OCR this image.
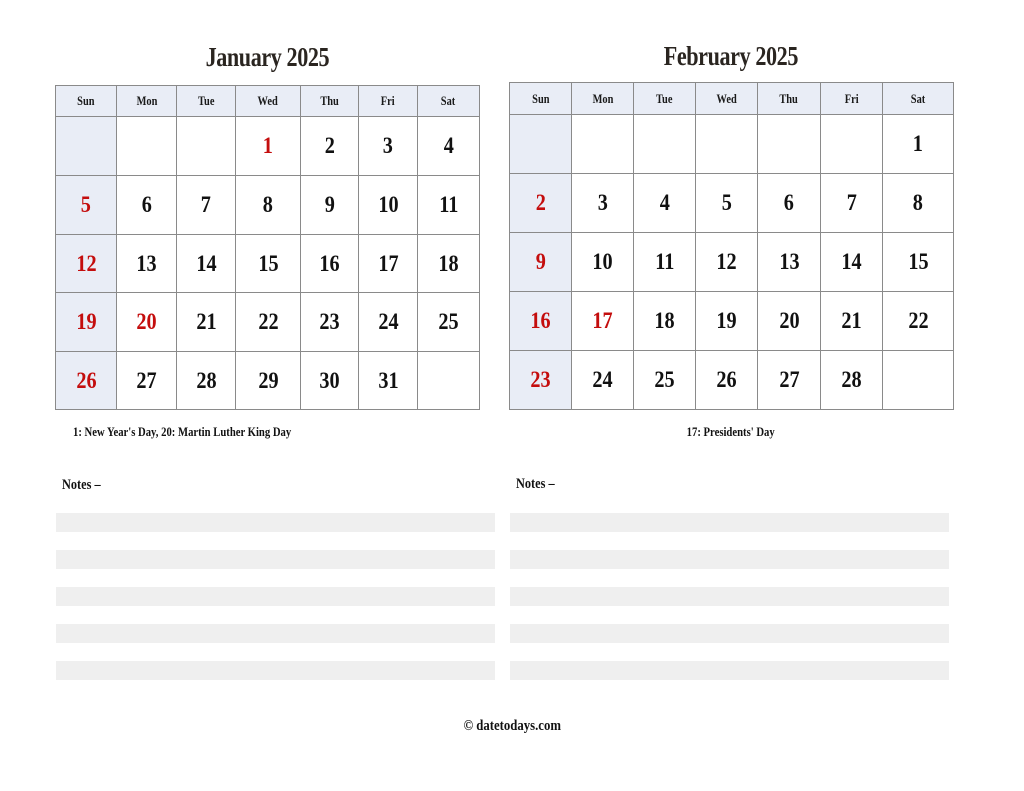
January 2025
Sun	Mon	Tue	Wed	Thu	Fri	Sat
			1	2	3	4
5	6	7	8	9	10	11
12	13	14	15	16	17	18
19	20	21	22	23	24	25
26	27	28	29	30	31	
1: New Year's Day, 20: Martin Luther King Day
Notes –
February 2025
Sun	Mon	Tue	Wed	Thu	Fri	Sat
						1
2	3	4	5	6	7	8
9	10	11	12	13	14	15
16	17	18	19	20	21	22
23	24	25	26	27	28	
17: Presidents' Day
Notes –
© datetodays.com
